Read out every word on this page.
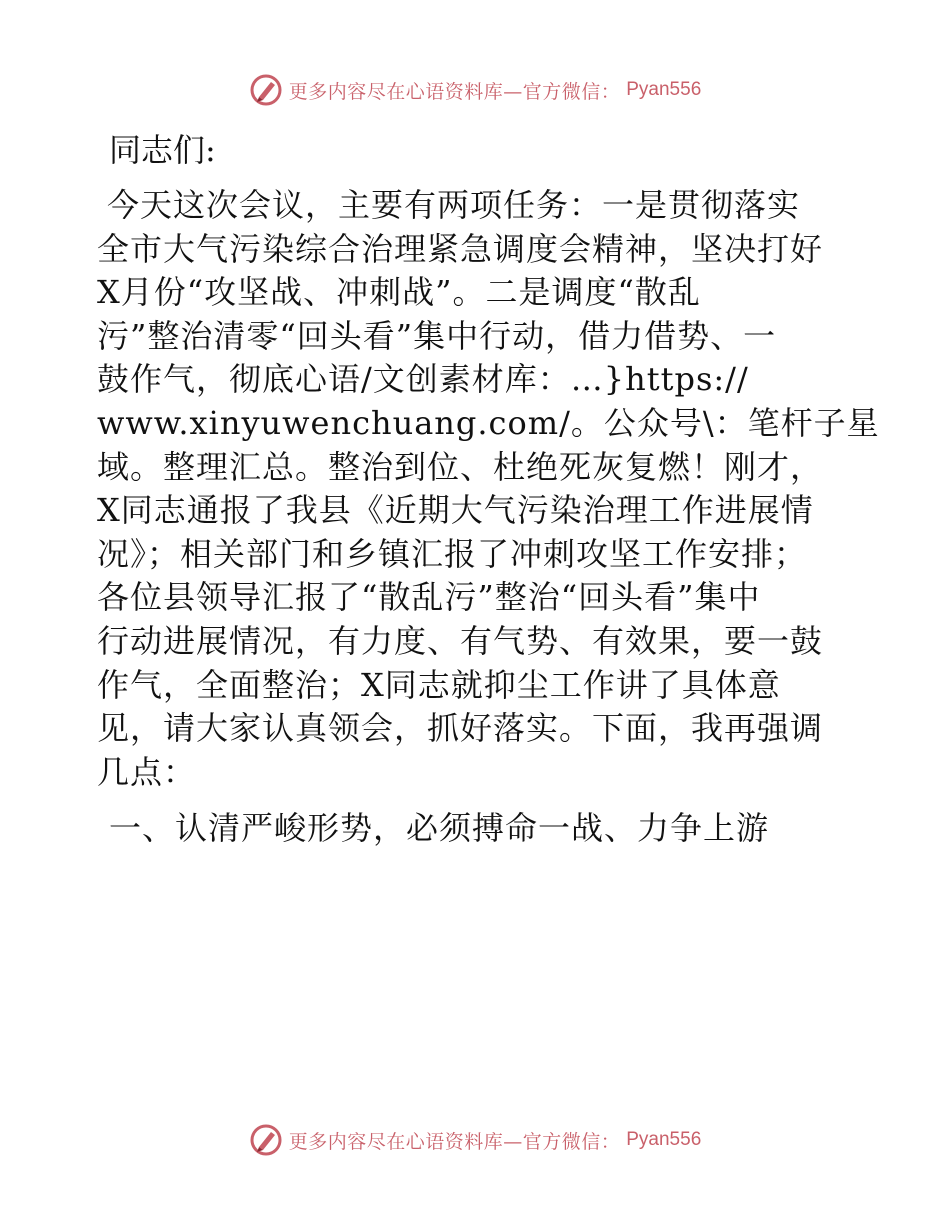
更多内容尽在心语资料库—官方微信： Pyan556
同志们:
今天这次会议，主要有两项任务：一是贯彻落实
全市大气污染综合治理紧急调度会精神，坚决打好
X月份“攻坚战、冲刺战”。二是调度“散乱
污”整治清零“回头看”集中行动，借力借势、一
鼓作气，彻底心语/文创素材库：…}https://
www.xinyuwenchuang.com/。公众号\：笔杆子星
域。整理汇总。整治到位、杜绝死灰复燃！刚才，
X同志通报了我县《近期大气污染治理工作进展情
况》；相关部门和乡镇汇报了冲刺攻坚工作安排；
各位县领导汇报了“散乱污”整治“回头看”集中
行动进展情况，有力度、有气势、有效果，要一鼓
作气，全面整治；X同志就抑尘工作讲了具体意
见，请大家认真领会，抓好落实。下面，我再强调
几点：
一、认清严峻形势，必须搏命一战、力争上游
更多内容尽在心语资料库—官方微信： Pyan556
